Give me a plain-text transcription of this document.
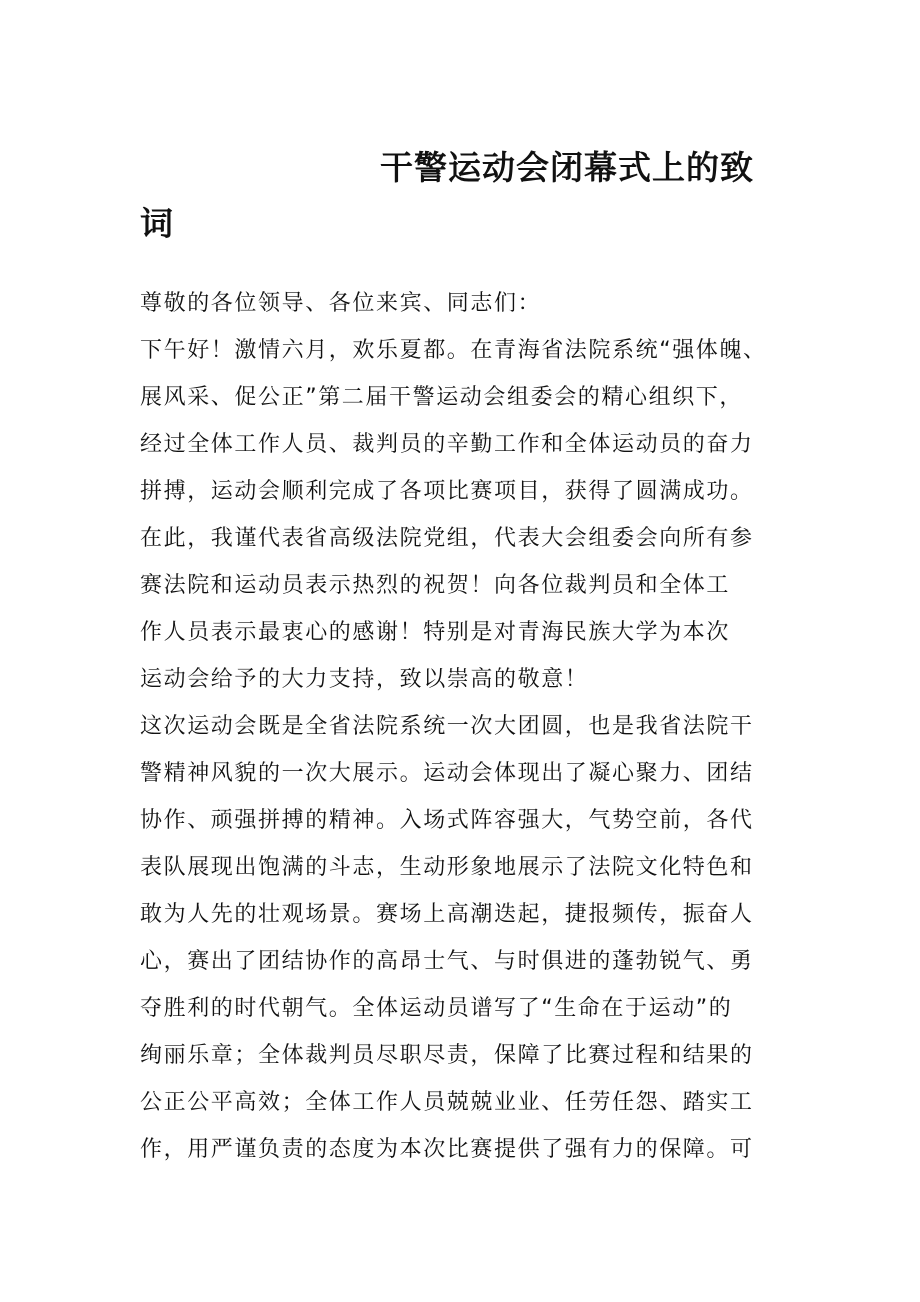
干警运动会闭幕式上的致
词
尊敬的各位领导、各位来宾、同志们：
下午好！激情六月，欢乐夏都。在青海省法院系统“强体魄、
展风采、促公正”第二届干警运动会组委会的精心组织下，
经过全体工作人员、裁判员的辛勤工作和全体运动员的奋力
拼搏，运动会顺利完成了各项比赛项目，获得了圆满成功。
在此，我谨代表省高级法院党组，代表大会组委会向所有参
赛法院和运动员表示热烈的祝贺！向各位裁判员和全体工
作人员表示最衷心的感谢！特别是对青海民族大学为本次
运动会给予的大力支持，致以崇高的敬意！
这次运动会既是全省法院系统一次大团圆，也是我省法院干
警精神风貌的一次大展示。运动会体现出了凝心聚力、团结
协作、顽强拼搏的精神。入场式阵容强大，气势空前，各代
表队展现出饱满的斗志，生动形象地展示了法院文化特色和
敢为人先的壮观场景。赛场上高潮迭起，捷报频传，振奋人
心，赛出了团结协作的高昂士气、与时俱进的蓬勃锐气、勇
夺胜利的时代朝气。全体运动员谱写了“生命在于运动”的
绚丽乐章；全体裁判员尽职尽责，保障了比赛过程和结果的
公正公平高效；全体工作人员兢兢业业、任劳任怨、踏实工
作，用严谨负责的态度为本次比赛提供了强有力的保障。可
